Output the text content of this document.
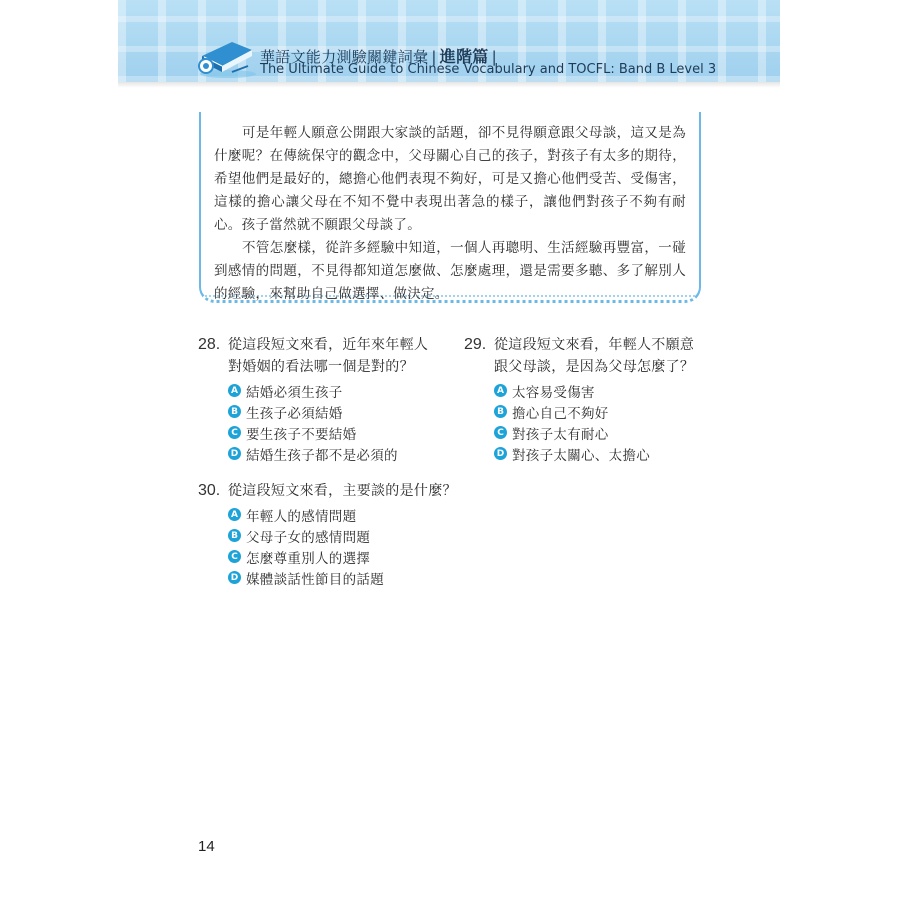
華語文能力測驗關鍵詞彙 | 進階篇 |
The Ultimate Guide to Chinese Vocabulary and TOCFL: Band B Level 3

可是年輕人願意公開跟大家談的話題，卻不見得願意跟父母談，這又是為什麼呢？在傳統保守的觀念中，父母關心自己的孩子，對孩子有太多的期待，希望他們是最好的，總擔心他們表現不夠好，可是又擔心他們受苦、受傷害，這樣的擔心讓父母在不知不覺中表現出著急的樣子，讓他們對孩子不夠有耐心。孩子當然就不願跟父母談了。

不管怎麼樣，從許多經驗中知道，一個人再聰明、生活經驗再豐富，一碰到感情的問題，不見得都知道怎麼做、怎麼處理，還是需要多聽、多了解別人的經驗，來幫助自己做選擇、做決定。

28. 從這段短文來看，近年來年輕人對婚姻的看法哪一個是對的？
A 結婚必須生孩子
B 生孩子必須結婚
C 要生孩子不要結婚
D 結婚生孩子都不是必須的
29. 從這段短文來看，年輕人不願意跟父母談，是因為父母怎麼了？
A 太容易受傷害
B 擔心自己不夠好
C 對孩子太有耐心
D 對孩子太關心、太擔心
30. 從這段短文來看，主要談的是什麼？
A 年輕人的感情問題
B 父母子女的感情問題
C 怎麼尊重別人的選擇
D 媒體談話性節目的話題
14
